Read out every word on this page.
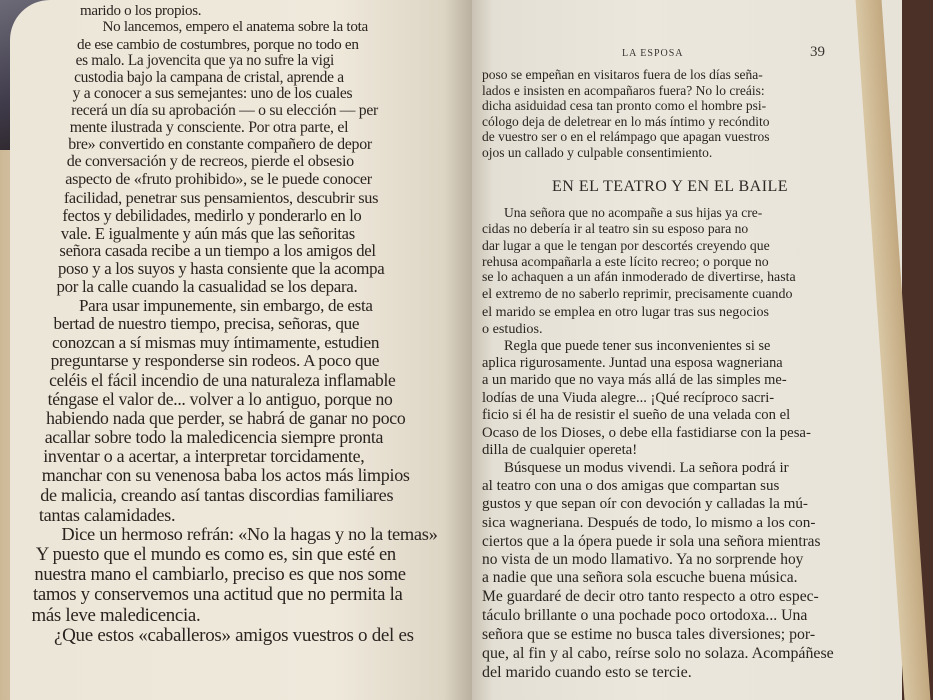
marido o los propios.
No lancemos, empero el anatema sobre la tota
de ese cambio de costumbres, porque no todo en
es malo. La jovencita que ya no sufre la vigi
custodia bajo la campana de cristal, aprende a
y a conocer a sus semejantes: uno de los cuales
recerá un día su aprobación — o su elección — per
mente ilustrada y consciente. Por otra parte, el
bre» convertido en constante compañero de depor
de conversación y de recreos, pierde el obsesio
aspecto de «fruto prohibido», se le puede conocer
facilidad, penetrar sus pensamientos, descubrir sus
fectos y debilidades, medirlo y ponderarlo en lo
vale. E igualmente y aún más que las señoritas
señora casada recibe a un tiempo a los amigos del
poso y a los suyos y hasta consiente que la acompa
por la calle cuando la casualidad se los depara.
Para usar impunemente, sin embargo, de esta
bertad de nuestro tiempo, precisa, señoras, que
conozcan a sí mismas muy íntimamente, estudien
preguntarse y responderse sin rodeos. A poco que
celéis el fácil incendio de una naturaleza inflamable
téngase el valor de... volver a lo antiguo, porque no
habiendo nada que perder, se habrá de ganar no poco
acallar sobre todo la maledicencia siempre pronta
inventar o a acertar, a interpretar torcidamente,
manchar con su venenosa baba los actos más limpios
de malicia, creando así tantas discordias familiares
tantas calamidades.
Dice un hermoso refrán: «No la hagas y no la temas»
Y puesto que el mundo es como es, sin que esté en
nuestra mano el cambiarlo, preciso es que nos some
tamos y conservemos una actitud que no permita la
más leve maledicencia.
¿Que estos «caballeros» amigos vuestros o del es
LA ESPOSA	39
EN EL TEATRO Y EN EL BAILE
poso se empeñan en visitaros fuera de los días seña-
lados e insisten en acompañaros fuera? No lo creáis:
dicha asiduidad cesa tan pronto como el hombre psi-
cólogo deja de deletrear en lo más íntimo y recóndito
de vuestro ser o en el relámpago que apagan vuestros
ojos un callado y culpable consentimiento.
Una señora que no acompañe a sus hijas ya cre-
cidas no debería ir al teatro sin su esposo para no
dar lugar a que le tengan por descortés creyendo que
rehusa acompañarla a este lícito recreo; o porque no
se lo achaquen a un afán inmoderado de divertirse, hasta
el extremo de no saberlo reprimir, precisamente cuando
el marido se emplea en otro lugar tras sus negocios
o estudios.
Regla que puede tener sus inconvenientes si se
aplica rigurosamente. Juntad una esposa wagneriana
a un marido que no vaya más allá de las simples me-
lodías de una Viuda alegre... ¡Qué recíproco sacri-
ficio si él ha de resistir el sueño de una velada con el
Ocaso de los Dioses, o debe ella fastidiarse con la pesa-
dilla de cualquier opereta!
Búsquese un modus vivendi. La señora podrá ir
al teatro con una o dos amigas que compartan sus
gustos y que sepan oír con devoción y calladas la mú-
sica wagneriana. Después de todo, lo mismo a los con-
ciertos que a la ópera puede ir sola una señora mientras
no vista de un modo llamativo. Ya no sorprende hoy
a nadie que una señora sola escuche buena música.
Me guardaré de decir otro tanto respecto a otro espec-
táculo brillante o una pochade poco ortodoxa... Una
señora que se estime no busca tales diversiones; por-
que, al fin y al cabo, reírse solo no solaza. Acompáñese
del marido cuando esto se tercie.
